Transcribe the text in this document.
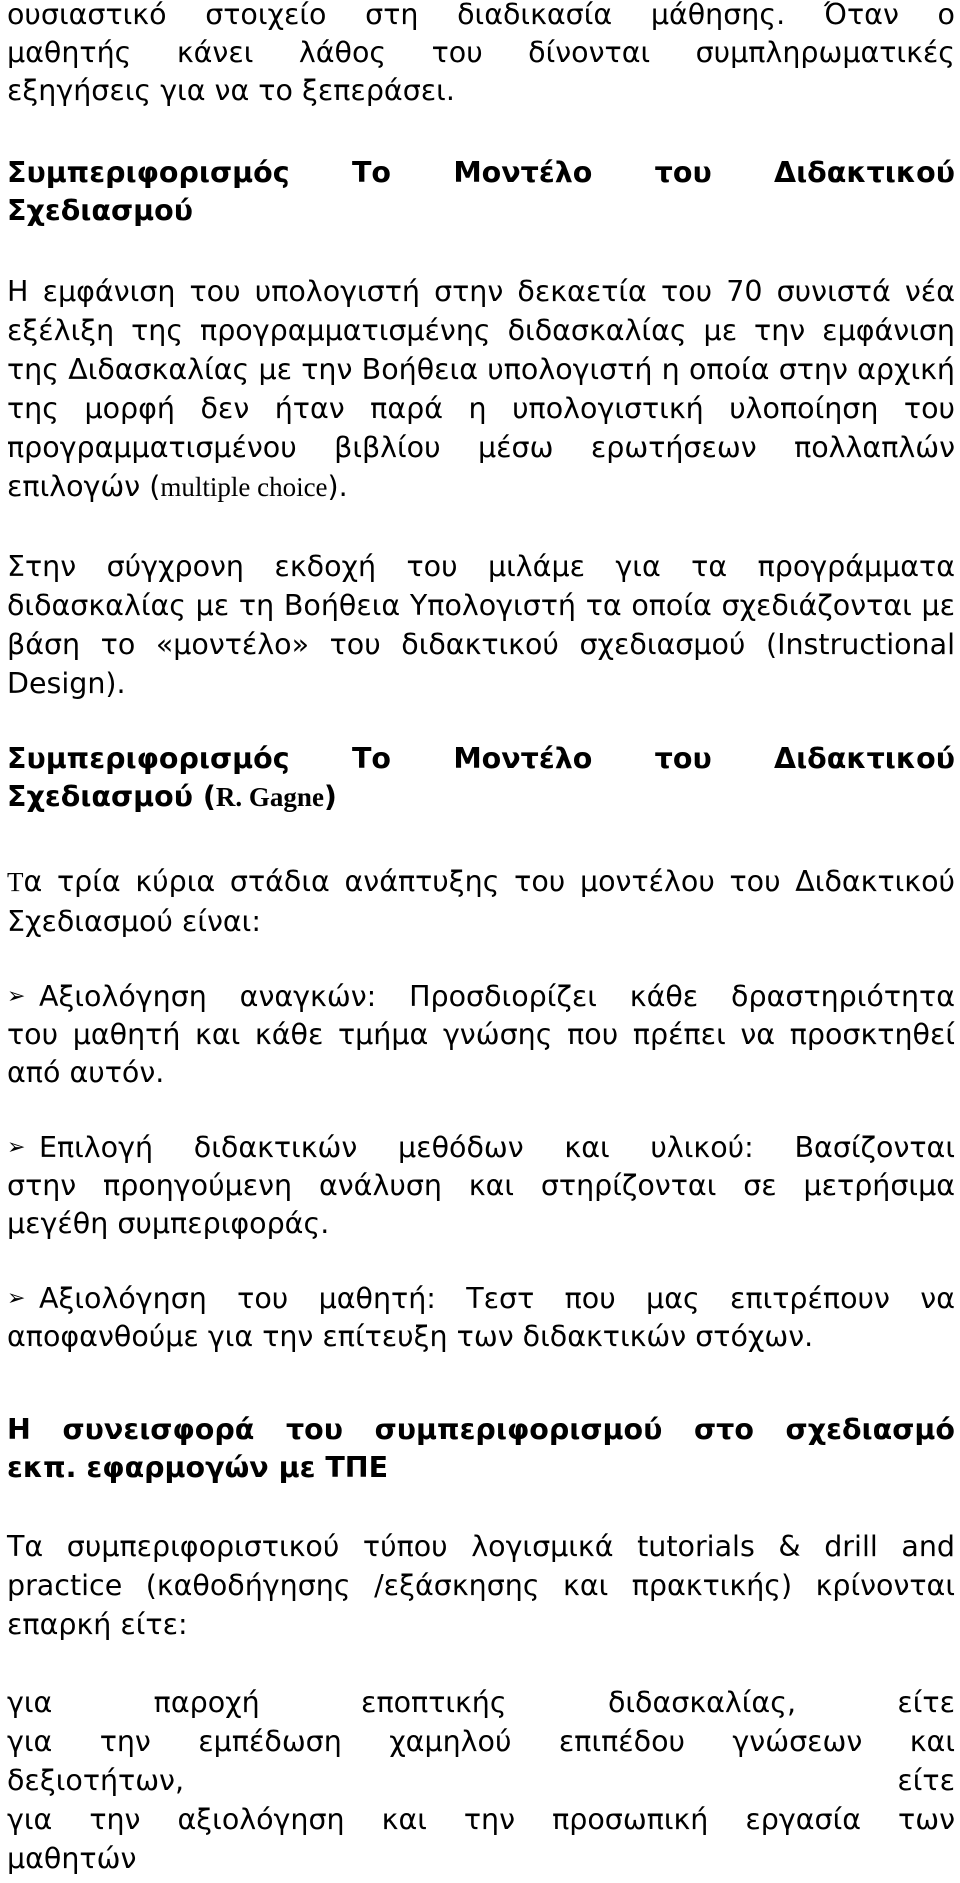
ουσιαστικό στοιχείο στη διαδικασία μάθησης. Όταν ο

μαθητής κάνει λάθος του δίνονται συμπληρωματικές

εξηγήσεις για να το ξεπεράσει.

Συμπεριφορισμός Το Μοντέλο του Διδακτικού
Σχεδιασμού

Η εμφάνιση του υπολογιστή στην δεκαετία του 70 συνιστά νέα εξέλιξη της προγραμματισμένης διδασκαλίας με την εμφάνιση της Διδασκαλίας με την Βοήθεια υπολογιστή η οποία στην αρχική της μορφή δεν ήταν παρά η υπολογιστική υλοποίηση του προγραμματισμένου βιβλίου μέσω ερωτήσεων πολλαπλών επιλογών (multiple choice).

Στην σύγχρονη εκδοχή του μιλάμε για τα προγράμματα διδασκαλίας με τη Βοήθεια Υπολογιστή τα οποία σχεδιάζονται με βάση το «μοντέλο» του διδακτικού σχεδιασμού (Instructional Design).

Συμπεριφορισμός Το Μοντέλο του Διδακτικού
Σχεδιασμού (R. Gagne)

Τα τρία κύρια στάδια ανάπτυξης του μοντέλου του Διδακτικού Σχεδιασμού είναι:

➢ Αξιολόγηση αναγκών: Προσδιορίζει κάθε δραστηριότητα

του μαθητή και κάθε τμήμα γνώσης που πρέπει να προσκτηθεί από αυτόν.

➢ Επιλογή διδακτικών μεθόδων και υλικού: Βασίζονται

στην προηγούμενη ανάλυση και στηρίζονται σε μετρήσιμα μεγέθη συμπεριφοράς.

➢ Αξιολόγηση του μαθητή: Τεστ που μας επιτρέπουν να

αποφανθούμε για την επίτευξη των διδακτικών στόχων.

Η συνεισφορά του συμπεριφορισμού στο σχεδιασμό
εκπ. εφαρμογών με ΤΠΕ

Τα συμπεριφοριστικού τύπου λογισμικά tutorials & drill and practice (καθοδήγησης /εξάσκησης και πρακτικής) κρίνονται επαρκή είτε:

για παροχή εποπτικής διδασκαλίας, είτε

για την εμπέδωση χαμηλού επιπέδου γνώσεων και

δεξιοτήτων, είτε

για την αξιολόγηση και την προσωπική εργασία των

μαθητών
